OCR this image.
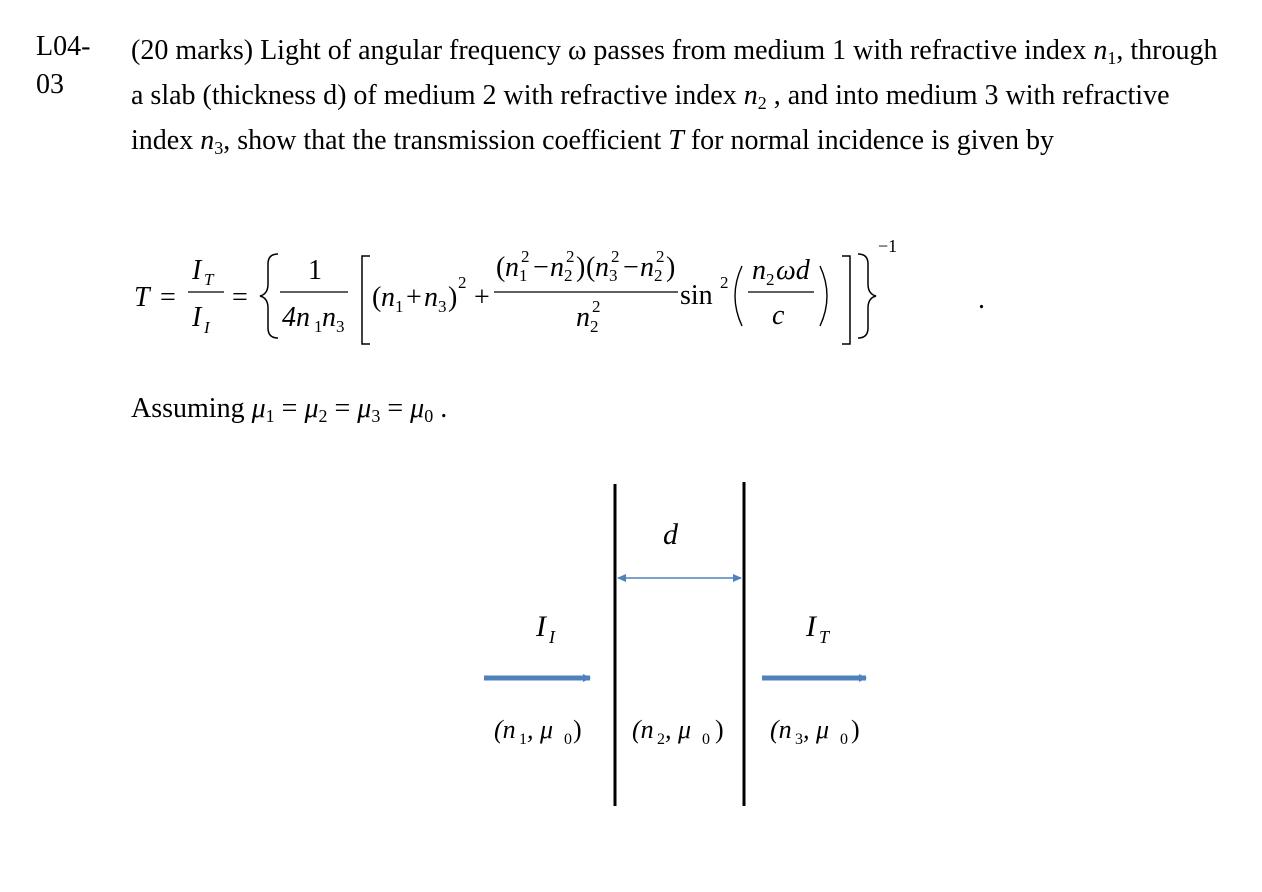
L04-
03
(20 marks) Light of angular frequency ω passes from medium 1 with refractive index $n_1$, through a slab (thickness d) of medium 2 with refractive index $n_2$ , and into medium 3 with refractive index $n_3$, show that the transmission coefficient T for normal incidence is given by
T =
I T
I I
=
1
4n 1 n 3
( n 1 + n 3 ) 2 +
( n 1
2 − n 2
2 ) ( n 3
2 − n 2
2 )
n 2
2	sin 2 n 2 ωd
c
−1
.
Assuming $\mu_1 = \mu_2 = \mu_3 = \mu_0$ .
d
I I	I T
(n 1 , μ 0 ) (n 2 , μ 0 ) (n 3 , μ 0 )
